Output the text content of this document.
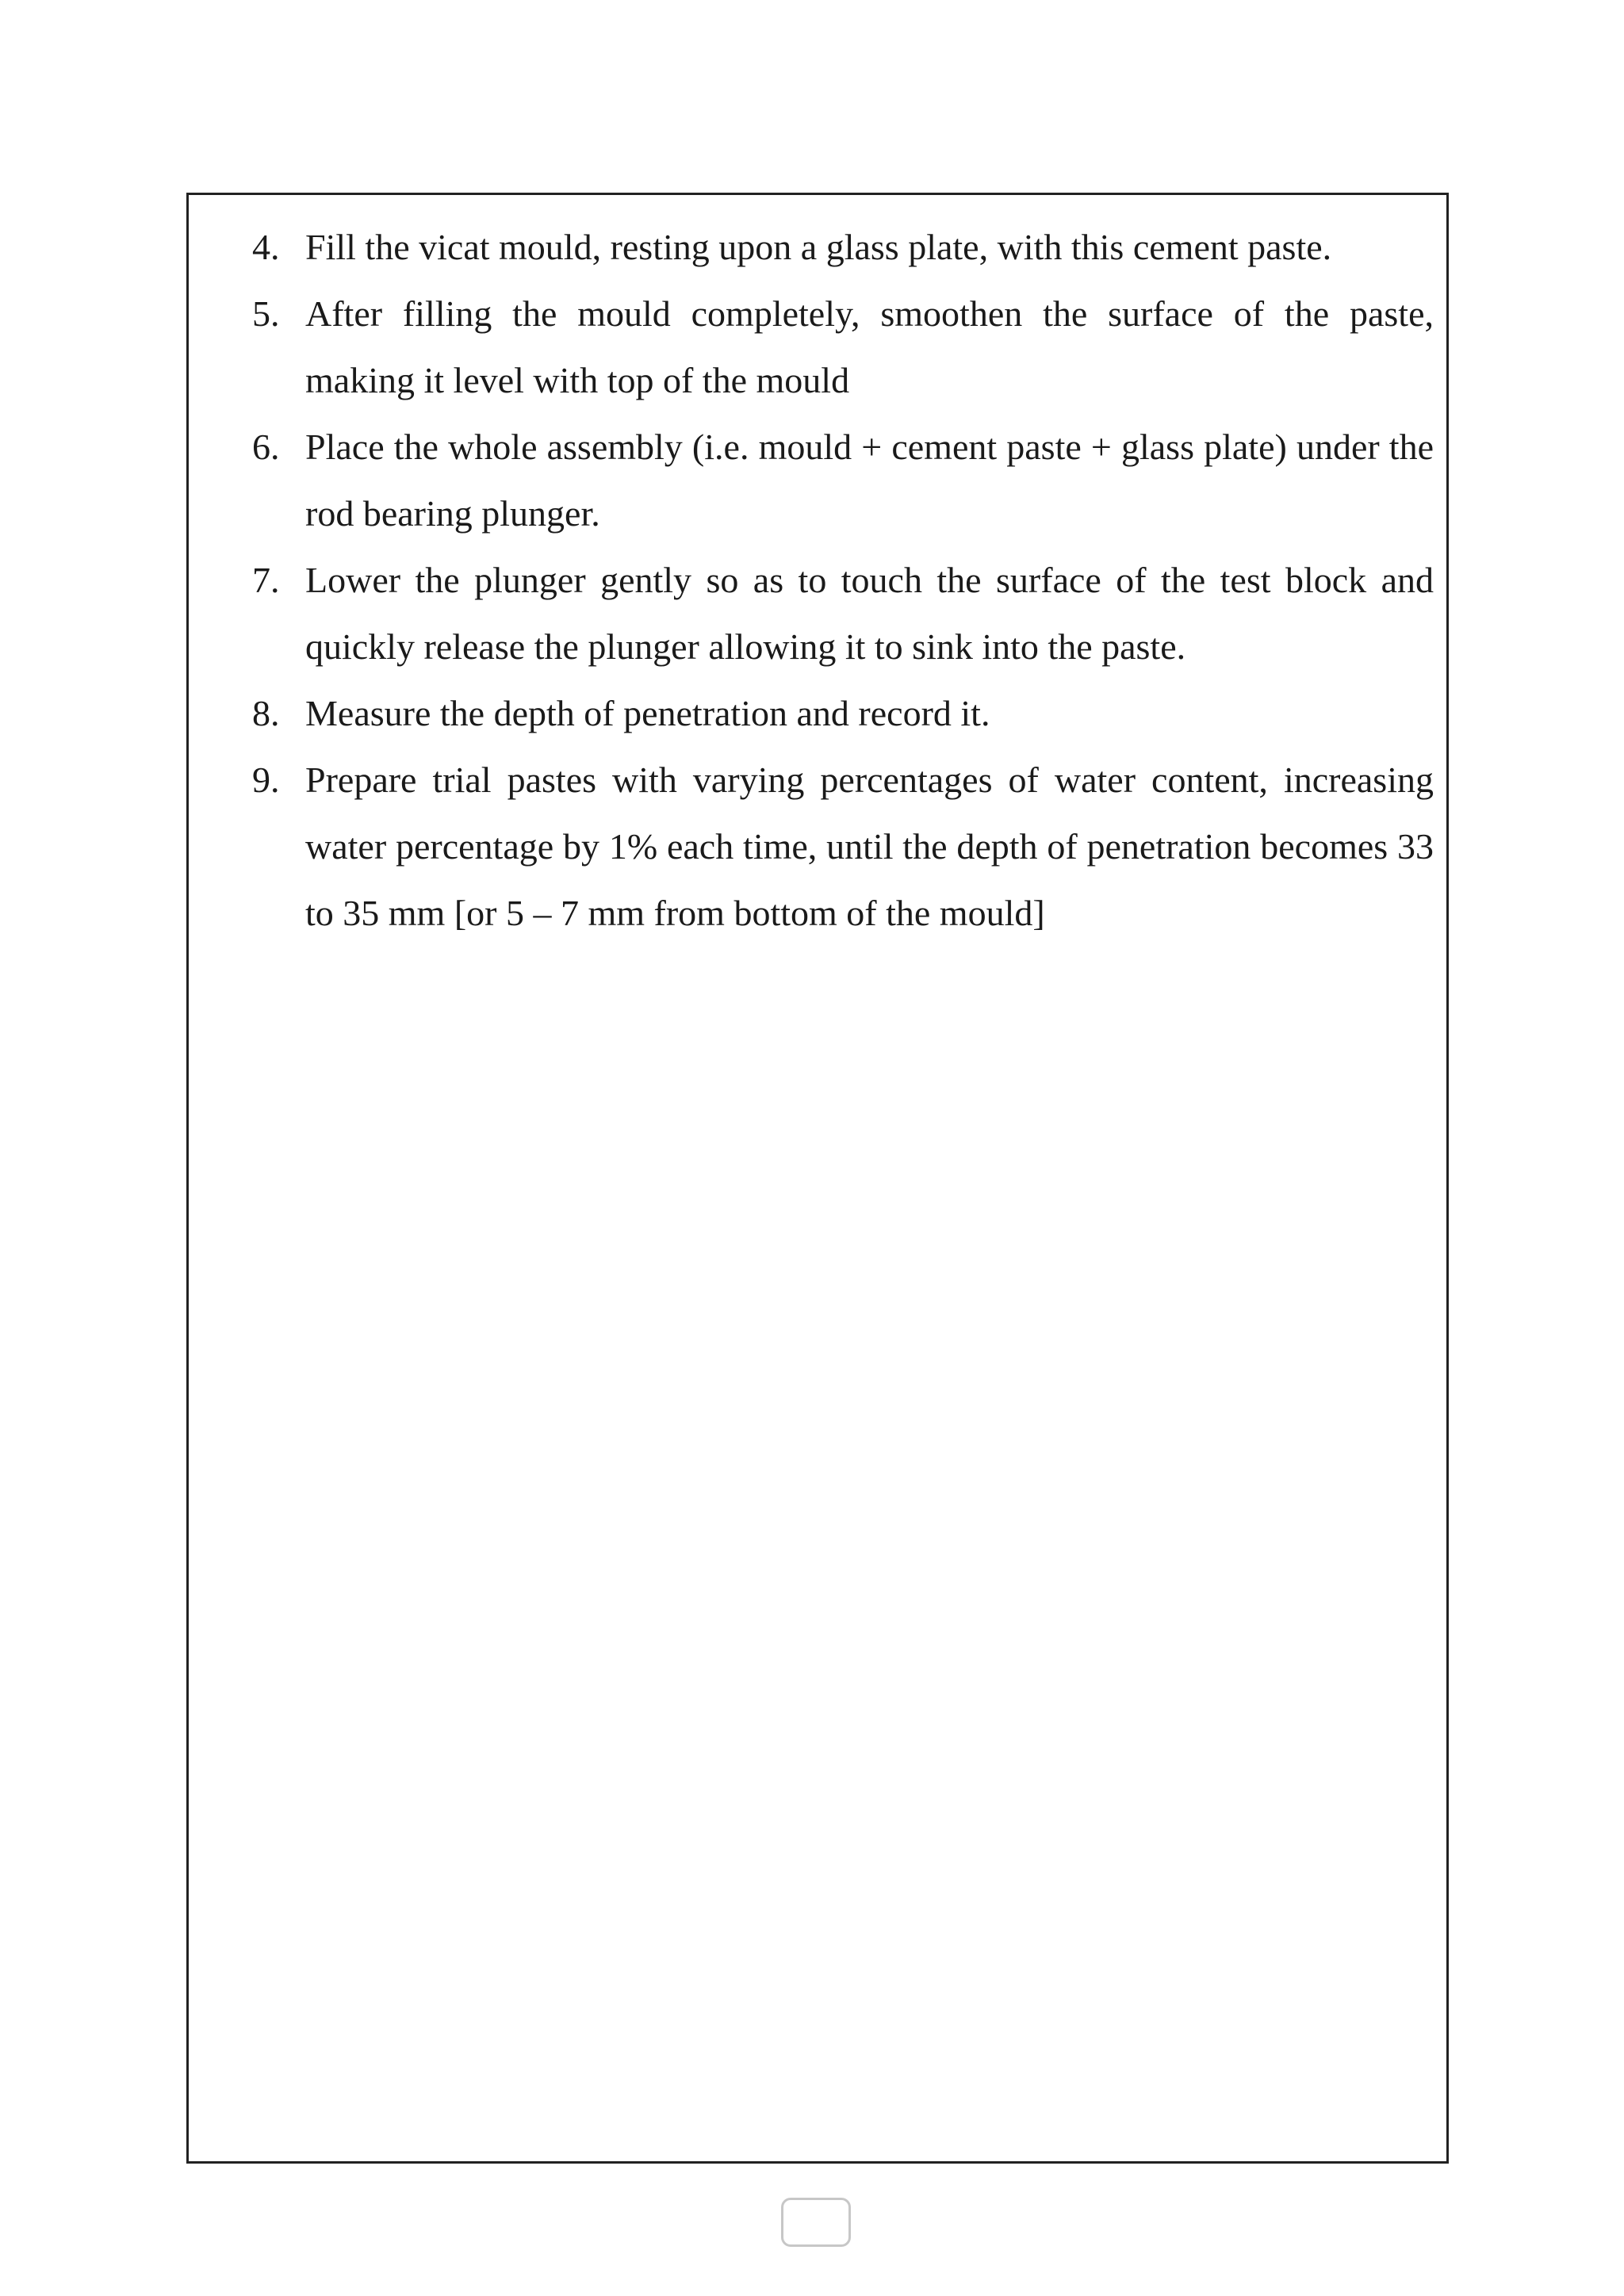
4. Fill the vicat mould, resting upon a glass plate, with this cement paste.
5. After filling the mould completely, smoothen the surface of the paste, making it level with top of the mould
6. Place the whole assembly (i.e. mould + cement paste + glass plate) under the rod bearing plunger.
7. Lower the plunger gently so as to touch the surface of the test block and quickly release the plunger allowing it to sink into the paste.
8. Measure the depth of penetration and record it.
9. Prepare trial pastes with varying percentages of water content, increasing water percentage by 1% each time, until the depth of penetration becomes 33 to 35 mm [or 5 – 7 mm from bottom of the mould]
